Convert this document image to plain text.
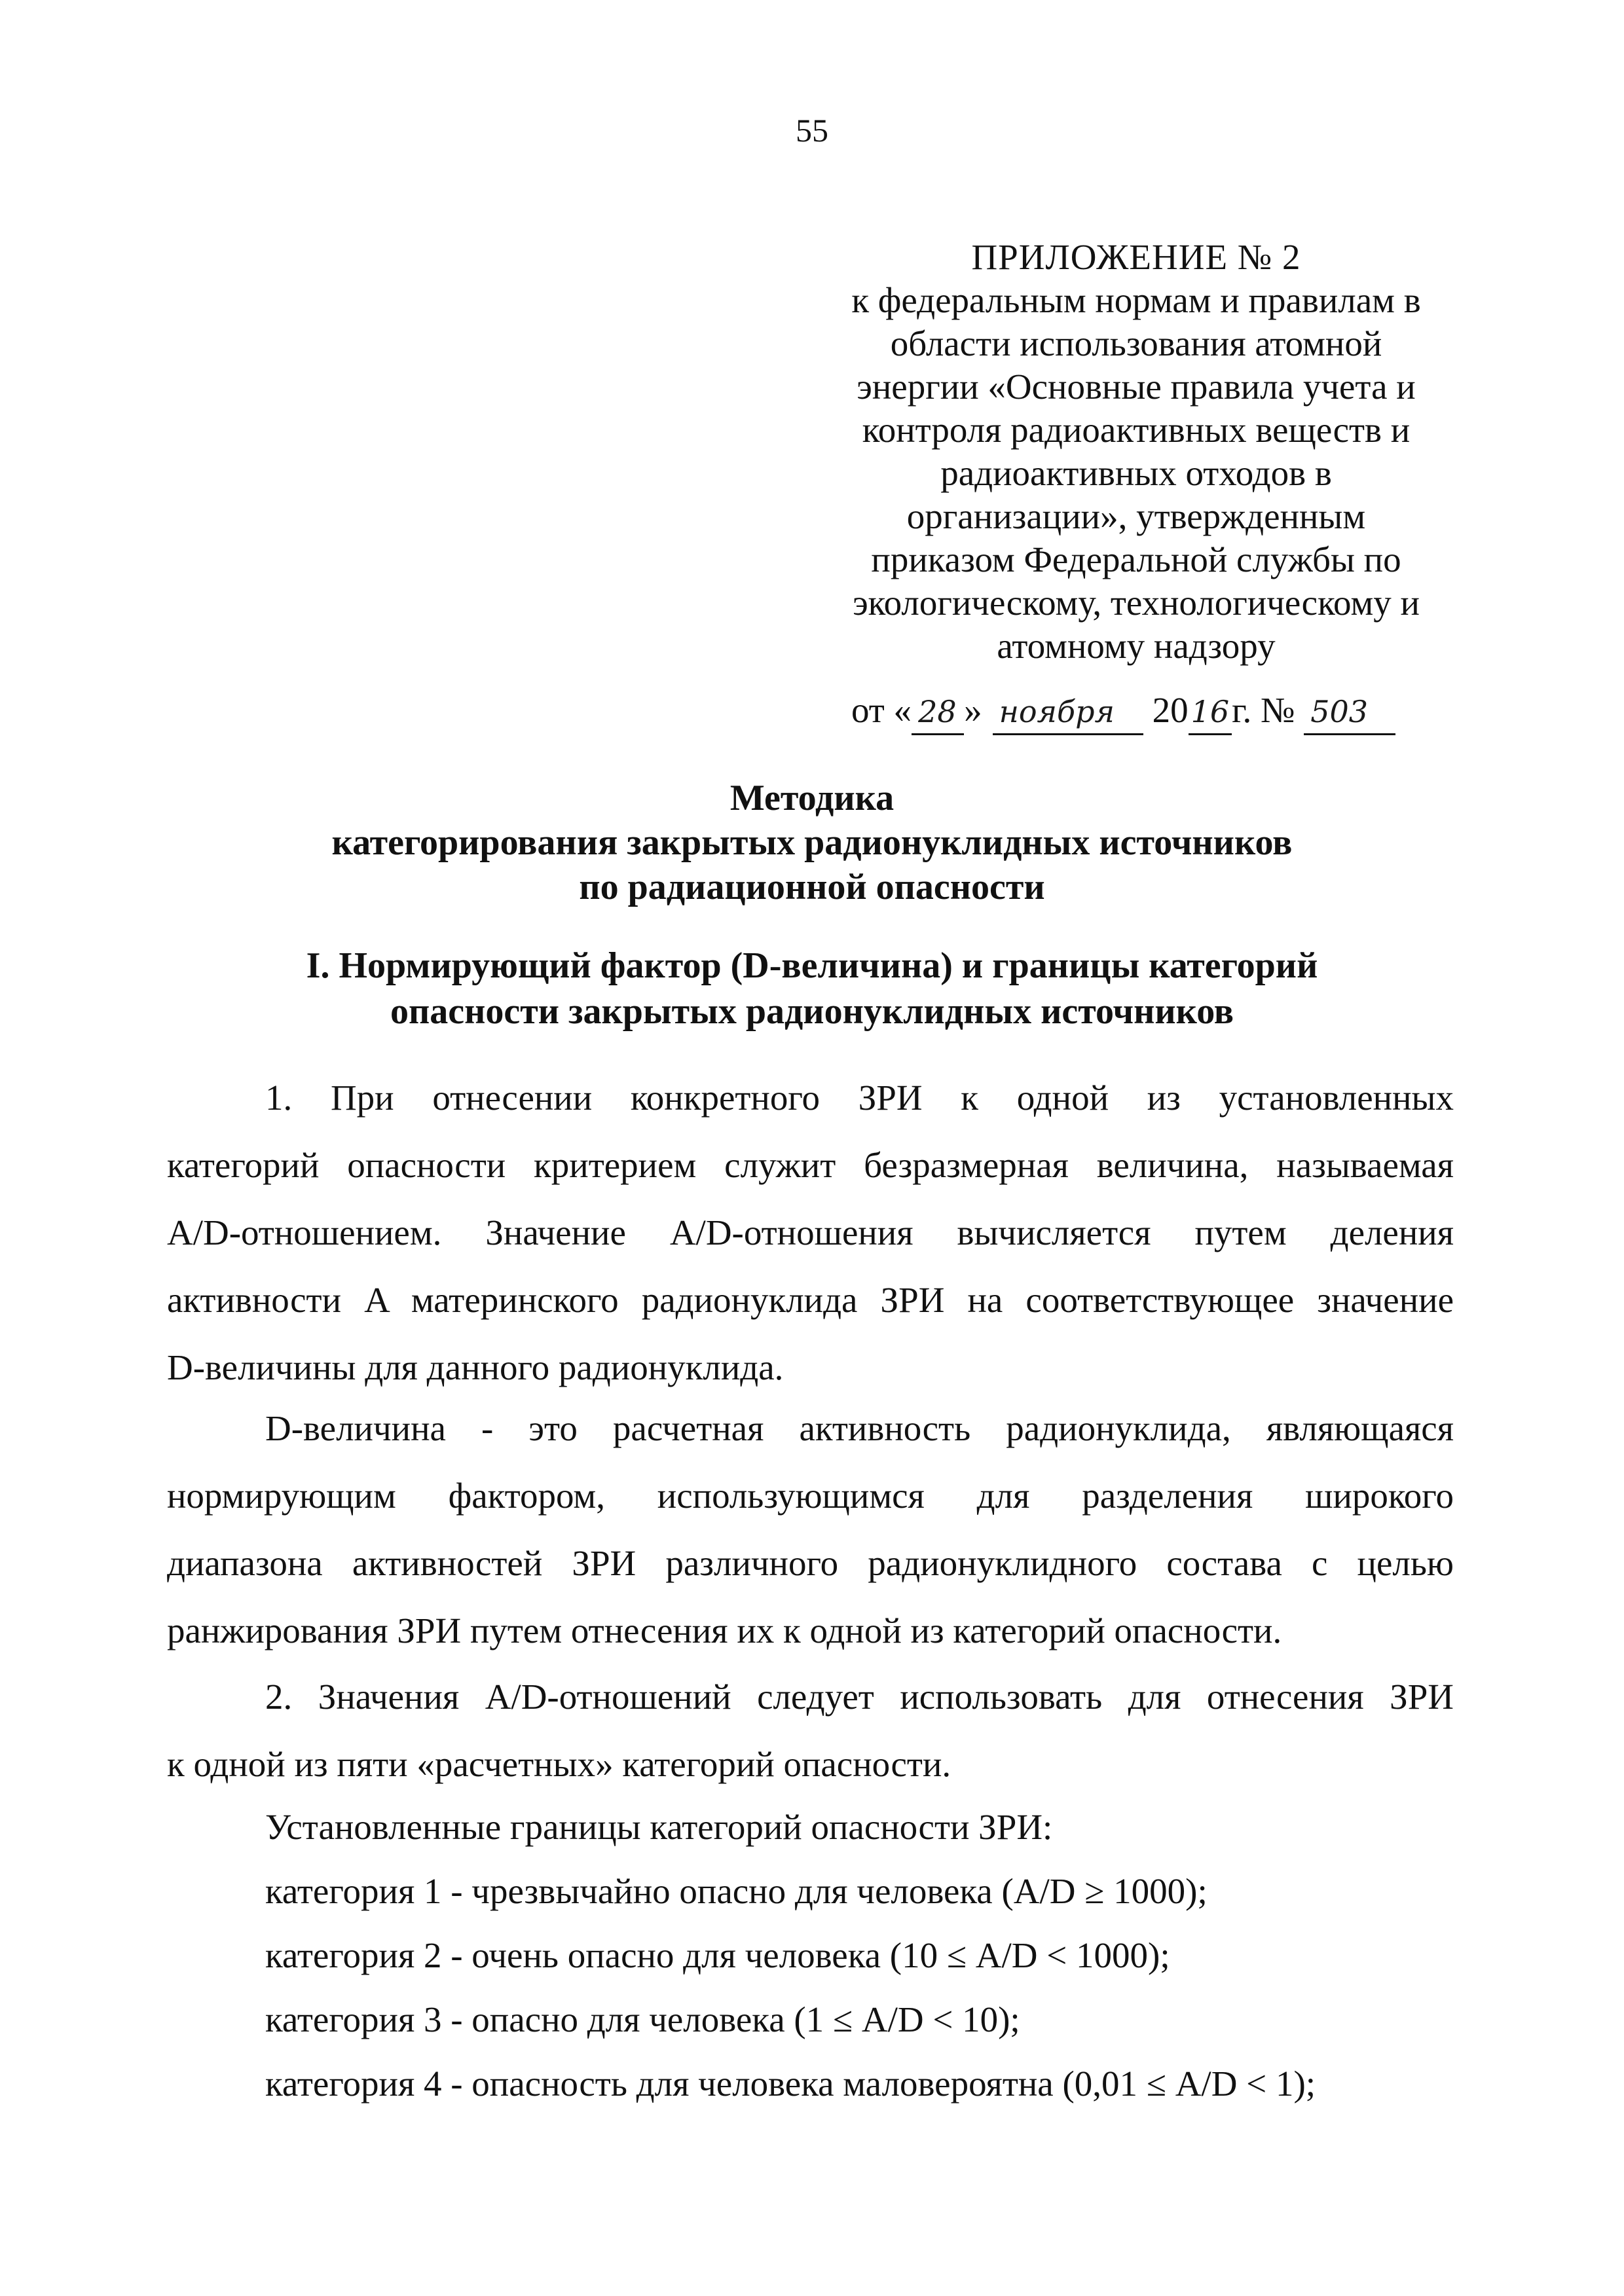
55
ПРИЛОЖЕНИЕ № 2
к федеральным нормам и правилам в
области использования атомной
энергии «Основные правила учета и
контроля радиоактивных веществ и
радиоактивных отходов в
организации», утвержденным
приказом Федеральной службы по
экологическому, технологическому и
атомному надзору
от « 28 » ноября 2016г. № 503
Методика
категорирования закрытых радионуклидных источников
по радиационной опасности
I. Нормирующий фактор (D-величина) и границы категорий
опасности закрытых радионуклидных источников
1. При отнесении конкретного ЗРИ к одной из установленных
категорий опасности критерием служит безразмерная величина, называемая
A/D-отношением. Значение A/D-отношения вычисляется путем деления
активности A материнского радионуклида ЗРИ на соответствующее значение
D-величины для данного радионуклида.
D-величина - это расчетная активность радионуклида, являющаяся
нормирующим фактором, использующимся для разделения широкого
диапазона активностей ЗРИ различного радионуклидного состава с целью
ранжирования ЗРИ путем отнесения их к одной из категорий опасности.
2. Значения A/D-отношений следует использовать для отнесения ЗРИ
к одной из пяти «расчетных» категорий опасности.
Установленные границы категорий опасности ЗРИ:
категория 1 - чрезвычайно опасно для человека (A/D ≥ 1000);
категория 2 - очень опасно для человека (10 ≤ A/D < 1000);
категория 3 - опасно для человека (1 ≤ A/D < 10);
категория 4 - опасность для человека маловероятна (0,01 ≤ A/D < 1);
